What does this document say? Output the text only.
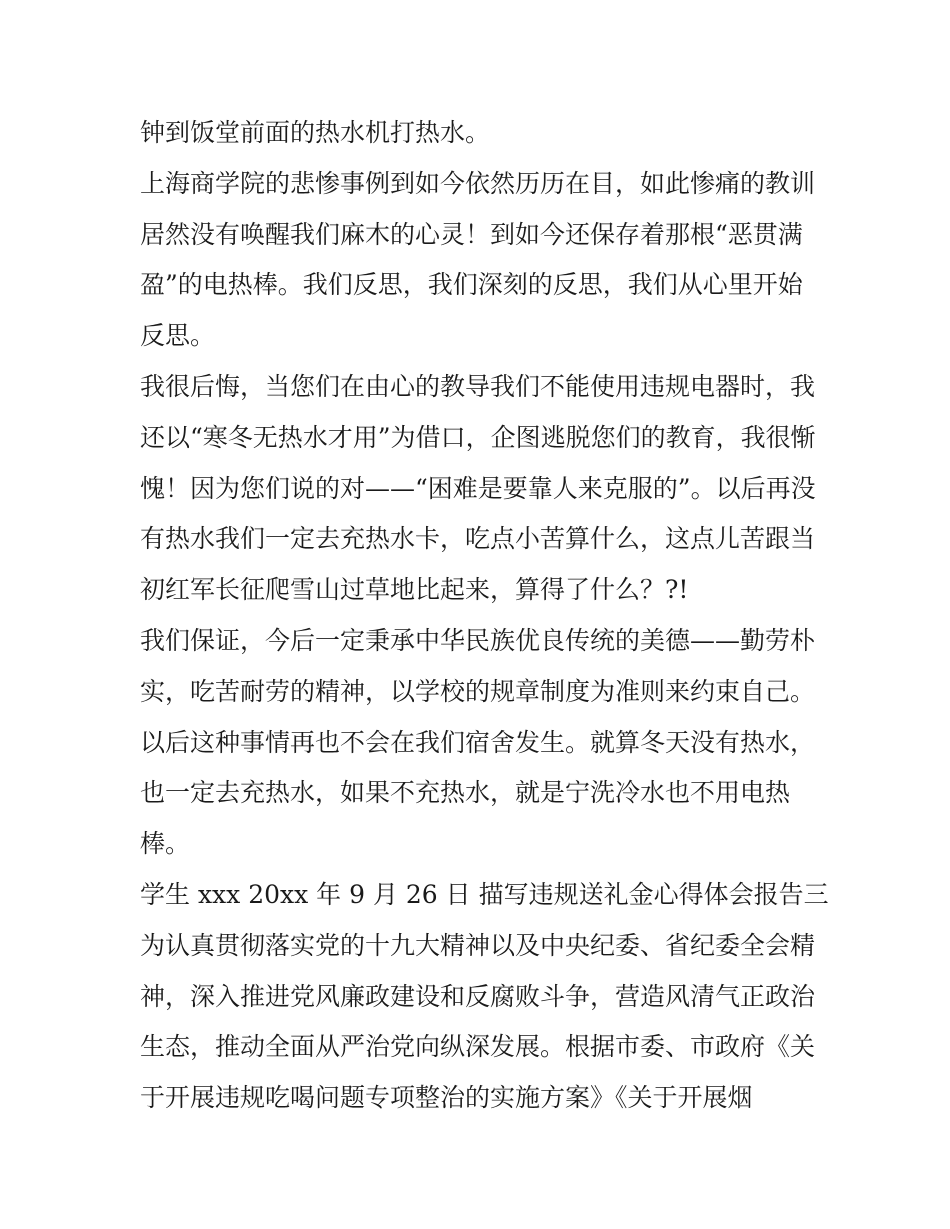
钟到饭堂前面的热水机打热水。
上海商学院的悲惨事例到如今依然历历在目，如此惨痛的教训
居然没有唤醒我们麻木的心灵！到如今还保存着那根“恶贯满
盈”的电热棒。我们反思，我们深刻的反思，我们从心里开始
反思。
我很后悔，当您们在由心的教导我们不能使用违规电器时，我
还以“寒冬无热水才用”为借口，企图逃脱您们的教育，我很惭
愧！因为您们说的对——“困难是要靠人来克服的”。以后再没
有热水我们一定去充热水卡，吃点小苦算什么，这点儿苦跟当
初红军长征爬雪山过草地比起来，算得了什么？?!
我们保证，今后一定秉承中华民族优良传统的美德——勤劳朴
实，吃苦耐劳的精神，以学校的规章制度为准则来约束自己。
以后这种事情再也不会在我们宿舍发生。就算冬天没有热水，
也一定去充热水，如果不充热水，就是宁洗冷水也不用电热
棒。
学生 xxx 20xx 年 9 月 26 日 描写违规送礼金心得体会报告三
为认真贯彻落实党的十九大精神以及中央纪委、省纪委全会精
神，深入推进党风廉政建设和反腐败斗争，营造风清气正政治
生态，推动全面从严治党向纵深发展。根据市委、市政府《关
于开展违规吃喝问题专项整治的实施方案》《关于开展烟
